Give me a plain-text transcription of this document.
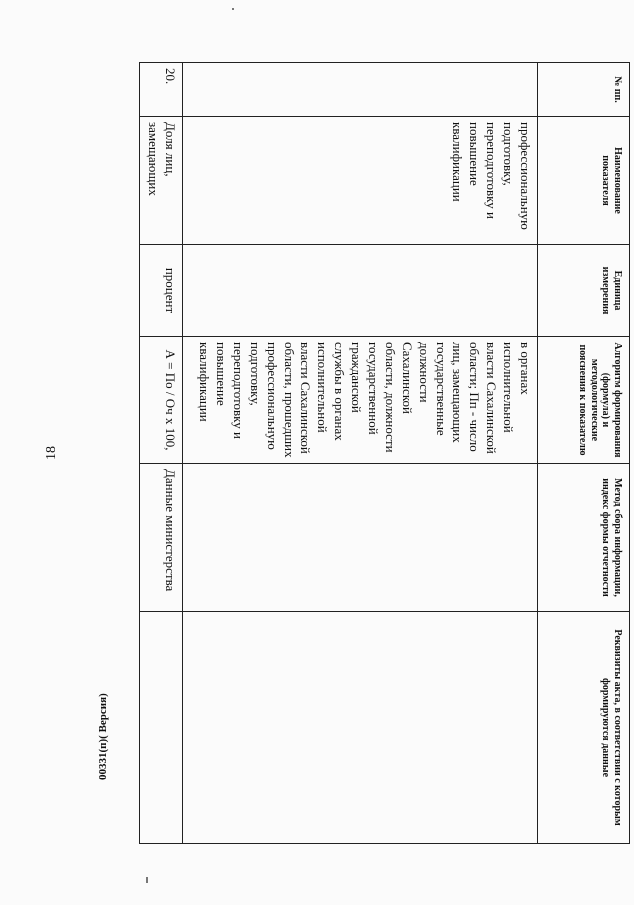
18
№ пп.	Наименование показателя	Единица измерения	Алгоритм формирования (формула) и методологические пояснения к показателю	Метод сбора информации, индекс формы отчетности	Реквизиты акта, в соответствии с которым формируются данные
	профессиональную подготовку, переподготовку и повышение квалификации		в органах исполнительной власти Сахалинской области; Пп - число лиц, замещающих государственные должности Сахалинской области, должности государственной гражданской службы в органах исполнительной власти Сахалинской области, прошедших профессиональную подготовку, переподготовку и повышение квалификации		
20.	Доля лиц, замещающих	процент	А = По / Оч х 100,	Данные министерства	
00331(п)( Версия)
